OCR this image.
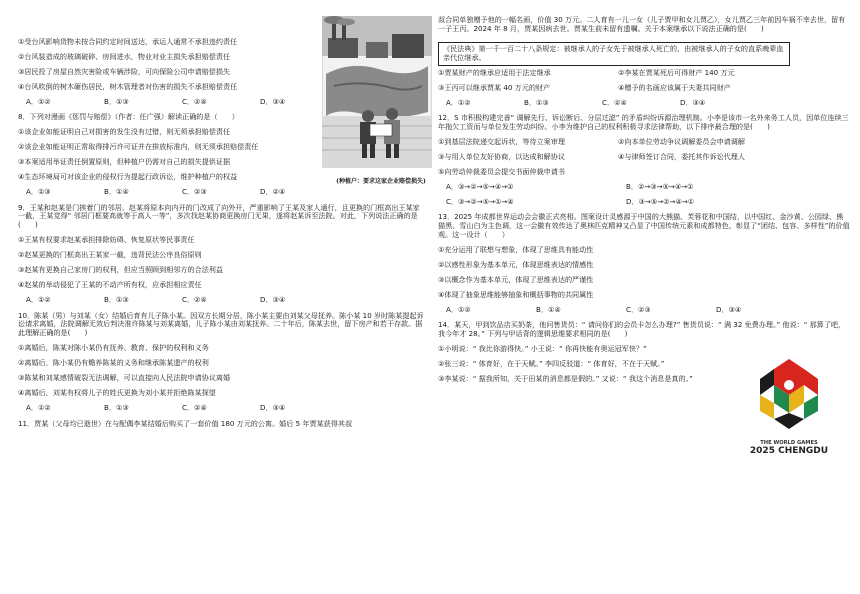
①受台风影响货物未按合同约定时间送达，承运人通常不承担违约责任

②台风装造成的玻璃破碎、房间进水，物业对业主损失承担赔偿责任

③居民投了房屋自然灾害险或车辆涉险，可向保险公司申请赔偿损失

④台风吹倒的树木砸伤居民，树木管理者对伤害的损失不承担赔偿责任

A．①②	B．①③	C．②④	D．③④

8．下列对漫画《惩罚与赔偿》（作者：任广强）解读正确的是（　　）

①该企业如能证明自己对损害的发生没有过错，则无须承担赔偿责任

②该企业如能证明正常取得排污许可证并在排放标准内，则无须承担赔偿责任

③本案适用举证责任倒置原则，但种植户仍需对自己的损失提供证据

④生态环境局可对该企业的侵权行为提起行政诉讼，维护种植户的权益

A．①③	B．①④	C．②③	D．②④

9．王某和赵某是门挨着门的邻居，赵某将原本向内开的门改成了向外开，严重影响了王某及家人通行，且更换的门框高出王某家一截，王某觉得“ 邻居门框要高就等于高人一等”，多次找赵某协商更换房门无果，遂将赵某诉至法院。对此，下列说法正确的是(　　)

①王某有权要求赵某承担排除妨碍、恢复原状等民事责任

②赵某更换的门框高出王某家一截，违背民法公序良俗原则

③赵某有更换自己家房门的权利，但应当照顾到相邻方的合法利益

④赵某的举动侵犯了王某的不动产所有权，应承担相应责任

A．①②	B．①③	C．②④	D．③④

10．陈某（男）与刘某（女）结婚后育有儿子陈小某。因双方长期分居，陈小某主要由刘某父母抚养。陈小某 10 岁时陈某提起诉讼请求离婚，法院调解无效后判决准许陈某与刘某离婚，儿子陈小某由刘某抚养。二十年后，陈某去世，留下房产和若干存款。据此理解正确的是(　　)

①离婚后，陈某对陈小某仍有抚养、教育、保护的权利和义务

②离婚后，陈小某仍有赡养陈某的义务和继承陈某遗产的权利

③陈某和刘某感情破裂无法调解，可以直接向人民法院申请协议离婚

④离婚后，刘某有权将儿子的姓氏更换为刘小某并拒绝陈某探望

A．①②	B．①③	C．②④	D．③④

11．贾某（父母均已逝世）在与配偶李某结婚后购买了一套价值 180 万元的公寓。婚后 5 年贾某获得其叔

(种植户：要求这家企业赔偿损失)

叔合同单独赠予他的一幅名画，价值 30 万元。二人育有一儿一女（儿子贾甲和女儿贾乙），女儿贾乙三年前因车祸不幸去世，留有一子王丙。2024 年 8 月，贾某因病去世。贾某生前未留有遗嘱。关于本案继承以下说法正确的是(　　)

《民法典》第一千一百二十八条规定：被继承人的子女先于被继承人死亡的，由被继承人的子女的直系晚辈血亲代位继承。
①贾某财产的继承应适用于法定继承	②李某在贾某死后可得财产 140 万元
③王丙可以继承贾某 40 万元的财产	④赠予的名画应该属于夫妻共同财产
A．①②	B．①③	C．②④	D．③④

12．S 市积极构建完善“ 调解先行、诉讼断后、分层过滤” 的矛盾纠纷诉源治理机制。小李是该市一名外来务工人员，因单位连续三年拖欠工资而与单位发生劳动纠纷。小李为维护自己的权利积极寻求法律帮助，以下排序最合理的是(　　)

①到基层法院递交起诉状，等待立案审理	②向本单位劳动争议调解委员会申请调解
③与用人单位友好协商，以达成和解协议	④与律师签订合同，委托其作诉讼代理人

⑤向劳动仲裁委员会提交书面仲裁申请书

A．③→②→⑤→④→①	B．②→③→⑤→④→①
C．③→②→⑤→①→④	D．③→⑤→②→④→①

13．2025 年成都世界运动会会徽正式亮相。图案设计灵感源于中国的大熊猫、芙蓉花和中国结，以中国红、金沙黄、公园绿、熊猫黑、雪山白为主色调，这一会徽有效传达了奥林匹克精神又凸显了中国传统元素和成都特色，彰显了“团结、包容、多样性”的价值观。这一设计（　　）

①充分运用了联想与想象，体现了思维具有能动性

②以感性形象为基本单元，体现思维表达的情感性

③以概念作为基本单元，体现了思维表达的严谨性

④体现了抽象思维能够抽象和概括事物的共同属性

A．①②	B．①④	C．②③	D．③④

14．某天，甲到饮品店买奶茶，他问售货员：“ 请问你们的会员卡怎么办理?” 售货员说：“ 满 32 免费办理。” 他说：“ 那算了吧，我今年才 28。” 下列与甲话背的逻辑思维要求相同的是(　　)

①小明说：“ 我比你游得快。” 小王说：“ 你再快能有奥运冠军快？”

②张三说：“ 体育好，在于天赋。” 李四反驳道：“ 体育好，不在于天赋。”

③李某说：“ 据我所知，关于田某的消息都是假的。” 又说：“ 我这个消息是真的。”

THE WORLD GAMES
2025 CHENGDU
